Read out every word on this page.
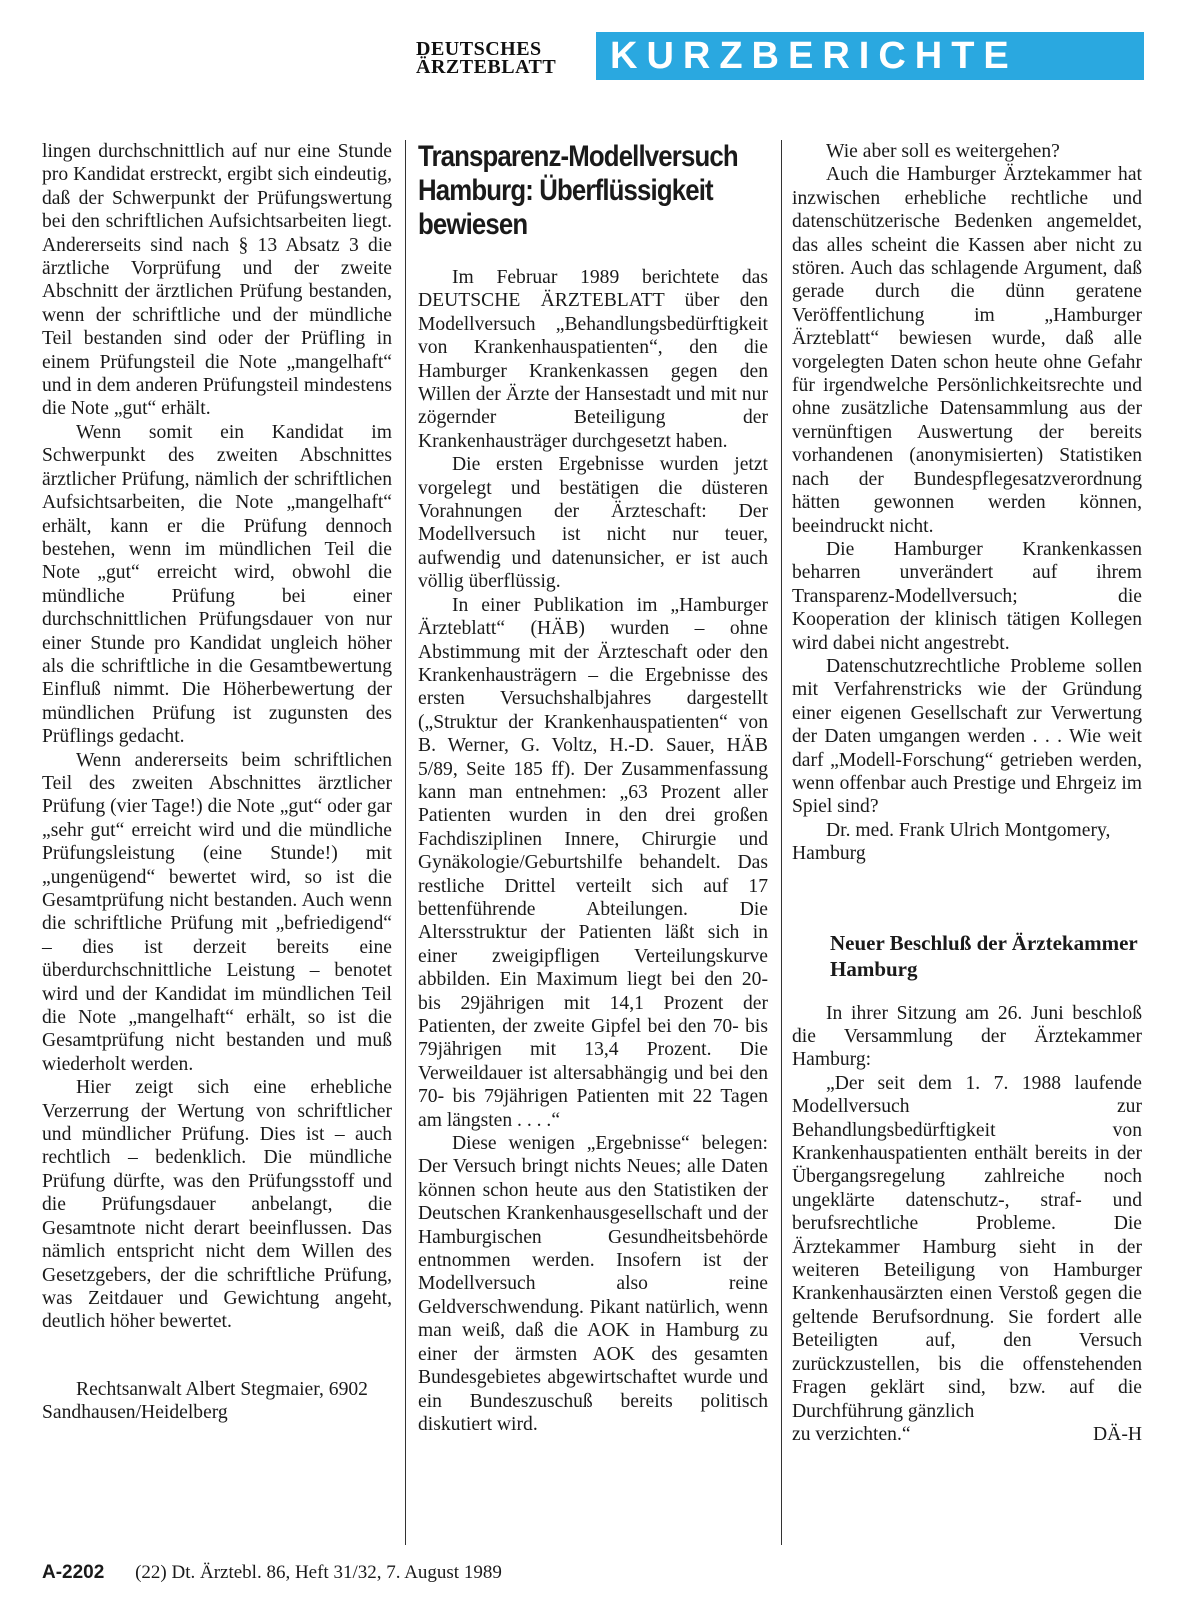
DEUTSCHES
ÄRZTEBLATT	KURZBERICHTE

lingen durchschnittlich auf nur eine Stunde pro Kandidat erstreckt, ergibt sich eindeutig, daß der Schwerpunkt der Prüfungswertung bei den schriftlichen Aufsichtsarbeiten liegt. Andererseits sind nach § 13 Absatz 3 die ärztliche Vorprüfung und der zweite Abschnitt der ärztlichen Prüfung bestanden, wenn der schriftliche und der mündliche Teil bestanden sind oder der Prüfling in einem Prüfungsteil die Note „mangelhaft“ und in dem anderen Prüfungsteil mindestens die Note „gut“ erhält.

Wenn somit ein Kandidat im Schwerpunkt des zweiten Abschnittes ärztlicher Prüfung, nämlich der schriftlichen Aufsichtsarbeiten, die Note „mangelhaft“ erhält, kann er die Prüfung dennoch bestehen, wenn im mündlichen Teil die Note „gut“ erreicht wird, obwohl die mündliche Prüfung bei einer durchschnittlichen Prüfungsdauer von nur einer Stunde pro Kandidat ungleich höher als die schriftliche in die Gesamtbewertung Einfluß nimmt. Die Höherbewertung der mündlichen Prüfung ist zugunsten des Prüflings gedacht.

Wenn andererseits beim schriftlichen Teil des zweiten Abschnittes ärztlicher Prüfung (vier Tage!) die Note „gut“ oder gar „sehr gut“ erreicht wird und die mündliche Prüfungsleistung (eine Stunde!) mit „ungenügend“ bewertet wird, so ist die Gesamtprüfung nicht bestanden. Auch wenn die schriftliche Prüfung mit „befriedigend“ – dies ist derzeit bereits eine überdurchschnittliche Leistung – benotet wird und der Kandidat im mündlichen Teil die Note „mangelhaft“ erhält, so ist die Gesamtprüfung nicht bestanden und muß wiederholt werden.

Hier zeigt sich eine erhebliche Verzerrung der Wertung von schriftlicher und mündlicher Prüfung. Dies ist – auch rechtlich – bedenklich. Die mündliche Prüfung dürfte, was den Prüfungsstoff und die Prüfungsdauer anbelangt, die Gesamtnote nicht derart beeinflussen. Das nämlich entspricht nicht dem Willen des Gesetzgebers, der die schriftliche Prüfung, was Zeitdauer und Gewichtung angeht, deutlich höher bewertet.

Rechtsanwalt Albert Stegmaier, 6902 Sandhausen/Heidelberg

Transparenz-Modellversuch Hamburg: Überflüssigkeit bewiesen

Im Februar 1989 berichtete das DEUTSCHE ÄRZTEBLATT über den Modellversuch „Behandlungsbedürftigkeit von Krankenhauspatienten“, den die Hamburger Krankenkassen gegen den Willen der Ärzte der Hansestadt und mit nur zögernder Beteiligung der Krankenhausträger durchgesetzt haben.

Die ersten Ergebnisse wurden jetzt vorgelegt und bestätigen die düsteren Vorahnungen der Ärzteschaft: Der Modellversuch ist nicht nur teuer, aufwendig und datenunsicher, er ist auch völlig überflüssig.

In einer Publikation im „Hamburger Ärzteblatt“ (HÄB) wurden – ohne Abstimmung mit der Ärzteschaft oder den Krankenhausträgern – die Ergebnisse des ersten Versuchshalbjahres dargestellt („Struktur der Krankenhauspatienten“ von B. Werner, G. Voltz, H.-D. Sauer, HÄB 5/89, Seite 185 ff). Der Zusammenfassung kann man entnehmen: „63 Prozent aller Patienten wurden in den drei großen Fachdisziplinen Innere, Chirurgie und Gynäkologie/Geburtshilfe behandelt. Das restliche Drittel verteilt sich auf 17 bettenführende Abteilungen. Die Altersstruktur der Patienten läßt sich in einer zweigipfligen Verteilungskurve abbilden. Ein Maximum liegt bei den 20- bis 29jährigen mit 14,1 Prozent der Patienten, der zweite Gipfel bei den 70- bis 79jährigen mit 13,4 Prozent. Die Verweildauer ist altersabhängig und bei den 70- bis 79jährigen Patienten mit 22 Tagen am längsten . . . .“

Diese wenigen „Ergebnisse“ belegen: Der Versuch bringt nichts Neues; alle Daten können schon heute aus den Statistiken der Deutschen Krankenhausgesellschaft und der Hamburgischen Gesundheitsbehörde entnommen werden. Insofern ist der Modellversuch also reine Geldverschwendung. Pikant natürlich, wenn man weiß, daß die AOK in Hamburg zu einer der ärmsten AOK des gesamten Bundesgebietes abgewirtschaftet wurde und ein Bundeszuschuß bereits politisch diskutiert wird.

Wie aber soll es weitergehen?

Auch die Hamburger Ärztekammer hat inzwischen erhebliche rechtliche und datenschützerische Bedenken angemeldet, das alles scheint die Kassen aber nicht zu stören. Auch das schlagende Argument, daß gerade durch die dünn geratene Veröffentlichung im „Hamburger Ärzteblatt“ bewiesen wurde, daß alle vorgelegten Daten schon heute ohne Gefahr für irgendwelche Persönlichkeitsrechte und ohne zusätzliche Datensammlung aus der vernünftigen Auswertung der bereits vorhandenen (anonymisierten) Statistiken nach der Bundespflegesatzverordnung hätten gewonnen werden können, beeindruckt nicht.

Die Hamburger Krankenkassen beharren unverändert auf ihrem Transparenz-Modellversuch; die Kooperation der klinisch tätigen Kollegen wird dabei nicht angestrebt.

Datenschutzrechtliche Probleme sollen mit Verfahrenstricks wie der Gründung einer eigenen Gesellschaft zur Verwertung der Daten umgangen werden . . . Wie weit darf „Modell-Forschung“ getrieben werden, wenn offenbar auch Prestige und Ehrgeiz im Spiel sind?

Dr. med. Frank Ulrich Montgomery, Hamburg

Neuer Beschluß der Ärztekammer Hamburg

In ihrer Sitzung am 26. Juni beschloß die Versammlung der Ärztekammer Hamburg:

„Der seit dem 1. 7. 1988 laufende Modellversuch zur Behandlungsbedürftigkeit von Krankenhauspatienten enthält bereits in der Übergangsregelung zahlreiche noch ungeklärte datenschutz-, straf- und berufsrechtliche Probleme. Die Ärztekammer Hamburg sieht in der weiteren Beteiligung von Hamburger Krankenhausärzten einen Verstoß gegen die geltende Berufsordnung. Sie fordert alle Beteiligten auf, den Versuch zurückzustellen, bis die offenstehenden Fragen geklärt sind, bzw. auf die Durchführung gänzlich

zu verzichten.“	DÄ-H
A-2202 (22) Dt. Ärztebl. 86, Heft 31/32, 7. August 1989
